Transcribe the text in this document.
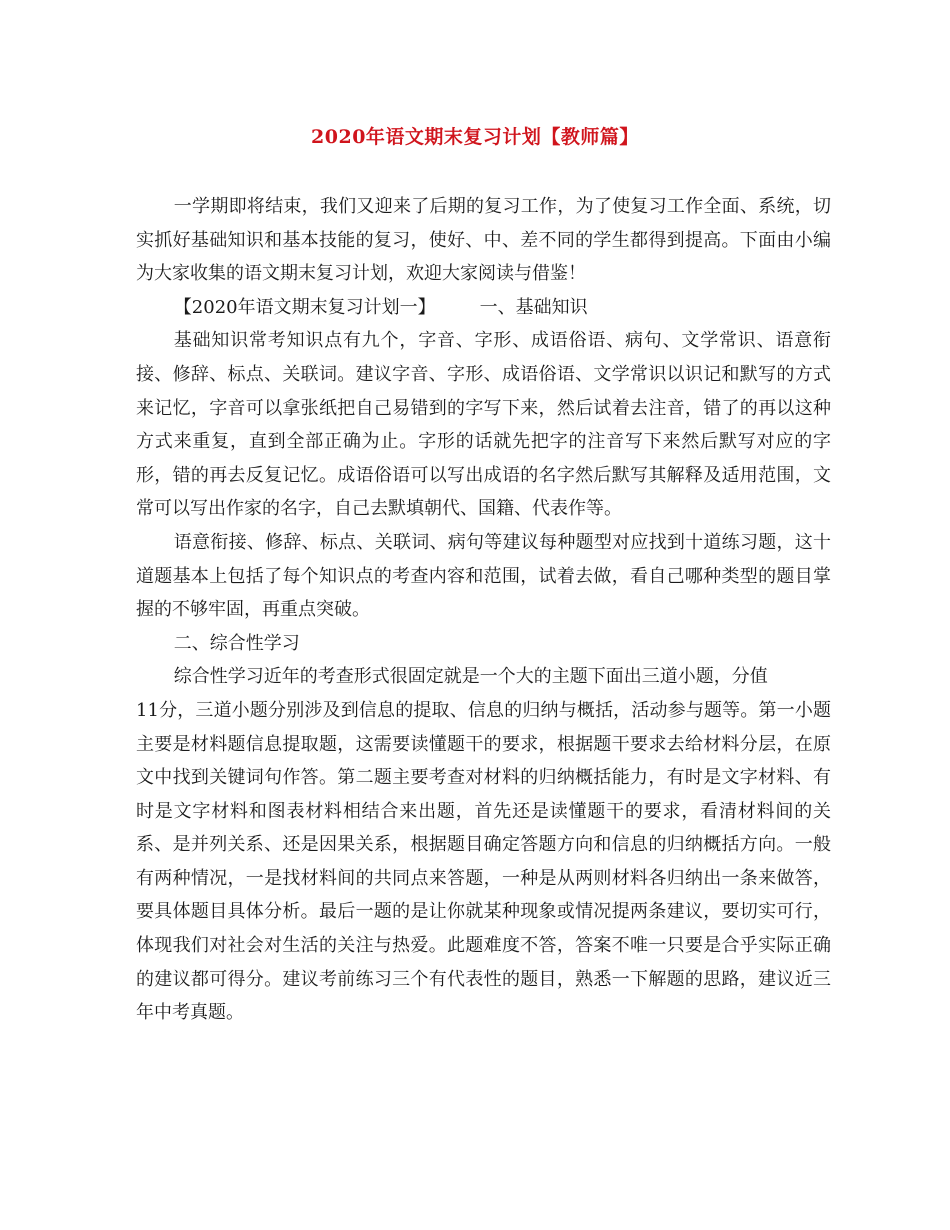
2020年语文期末复习计划【教师篇】

一学期即将结束，我们又迎来了后期的复习工作，为了使复习工作全面、系统，切实抓好基础知识和基本技能的复习，使好、中、差不同的学生都得到提高。下面由小编为大家收集的语文期末复习计划，欢迎大家阅读与借鉴！

【2020年语文期末复习计划一】 一、基础知识

基础知识常考知识点有九个，字音、字形、成语俗语、病句、文学常识、语意衔接、修辞、标点、关联词。建议字音、字形、成语俗语、文学常识以识记和默写的方式来记忆，字音可以拿张纸把自己易错到的字写下来，然后试着去注音，错了的再以这种方式来重复，直到全部正确为止。字形的话就先把字的注音写下来然后默写对应的字形，错的再去反复记忆。成语俗语可以写出成语的名字然后默写其解释及适用范围，文常可以写出作家的名字，自己去默填朝代、国籍、代表作等。

语意衔接、修辞、标点、关联词、病句等建议每种题型对应找到十道练习题，这十道题基本上包括了每个知识点的考查内容和范围，试着去做，看自己哪种类型的题目掌握的不够牢固，再重点突破。

二、综合性学习

综合性学习近年的考查形式很固定就是一个大的主题下面出三道小题，分值
11分，三道小题分别涉及到信息的提取、信息的归纳与概括，活动参与题等。第一小题主要是材料题信息提取题，这需要读懂题干的要求，根据题干要求去给材料分层，在原文中找到关键词句作答。第二题主要考查对材料的归纳概括能力，有时是文字材料、有时是文字材料和图表材料相结合来出题，首先还是读懂题干的要求，看清材料间的关系、是并列关系、还是因果关系，根据题目确定答题方向和信息的归纳概括方向。一般有两种情况，一是找材料间的共同点来答题，一种是从两则材料各归纳出一条来做答，要具体题目具体分析。最后一题的是让你就某种现象或情况提两条建议，要切实可行，体现我们对社会对生活的关注与热爱。此题难度不答，答案不唯一只要是合乎实际正确的建议都可得分。建议考前练习三个有代表性的题目，熟悉一下解题的思路，建议近三年中考真题。
